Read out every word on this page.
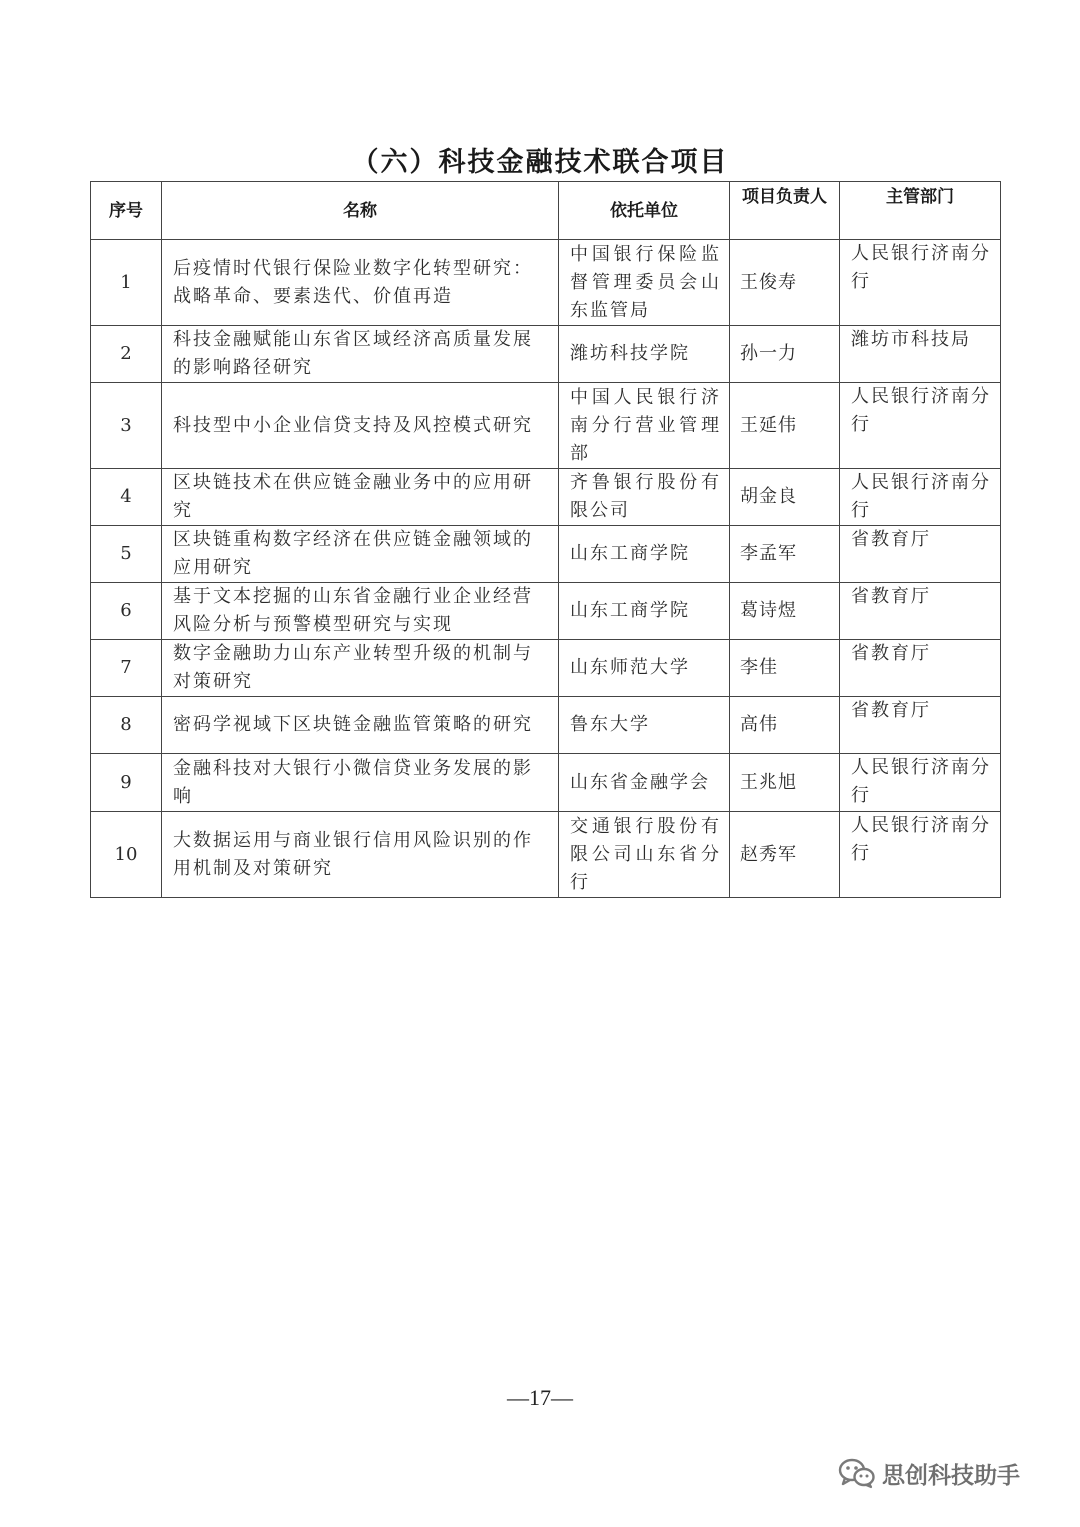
（六）科技金融技术联合项目
序号	名称	依托单位	项目负责人	主管部门
1	后疫情时代银行保险业数字化转型研究：战略革命、要素迭代、价值再造	中国银行保险监督管理委员会山东监管局	王俊寿	人民银行济南分行
2	科技金融赋能山东省区域经济高质量发展的影响路径研究	潍坊科技学院	孙一力	潍坊市科技局
3	科技型中小企业信贷支持及风控模式研究	中国人民银行济南分行营业管理部	王延伟	人民银行济南分行
4	区块链技术在供应链金融业务中的应用研究	齐鲁银行股份有限公司	胡金良	人民银行济南分行
5	区块链重构数字经济在供应链金融领域的应用研究	山东工商学院	李孟军	省教育厅
6	基于文本挖掘的山东省金融行业企业经营风险分析与预警模型研究与实现	山东工商学院	葛诗煜	省教育厅
7	数字金融助力山东产业转型升级的机制与对策研究	山东师范大学	李佳	省教育厅
8	密码学视域下区块链金融监管策略的研究	鲁东大学	高伟	省教育厅
9	金融科技对大银行小微信贷业务发展的影响	山东省金融学会	王兆旭	人民银行济南分行
10	大数据运用与商业银行信用风险识别的作用机制及对策研究	交通银行股份有限公司山东省分行	赵秀军	人民银行济南分行
—17—
思创科技助手
